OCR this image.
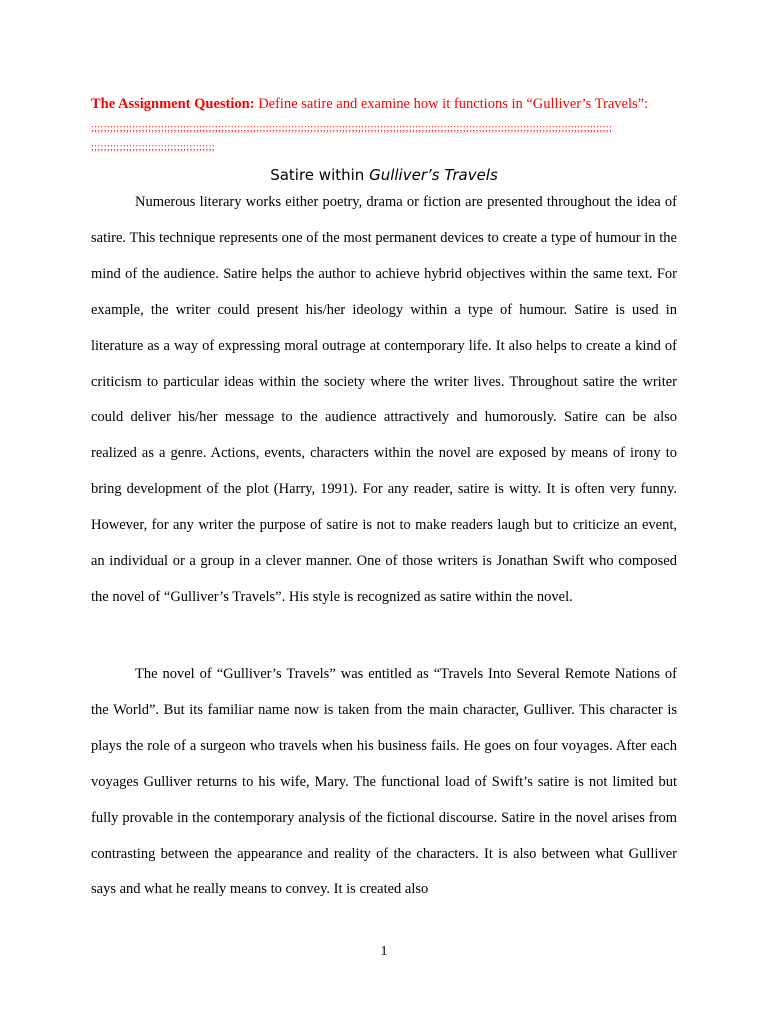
The Assignment Question: Define satire and examine how it functions in “Gulliver’s Travels”:
;;;;;;;;;;;;;;;;;;;;;;;;;;;;;;;;;;;;;;;;;;;;;;;;;;;;;;;;;;;;;;;;;;;;;;;;;;;;;;;;;;;;;;;;;;;;;;;;;;;;;;;;;;;;;;;;;;;;;;;;;;;;;;;;;;;;;;;;;;;;;;;;;;;;;;;;;;;;;;;;;;;;
;;;;;;;;;;;;;;;;;;;;;;;;;;;;;;;;;;;;;;;
Satire within Gulliver’s Travels

Numerous literary works either poetry, drama or fiction are presented throughout the idea of satire. This technique represents one of the most permanent devices to create a type of humour in the mind of the audience. Satire helps the author to achieve hybrid objectives within the same text. For example, the writer could present his/her ideology within a type of humour. Satire is used in literature as a way of expressing moral outrage at contemporary life. It also helps to create a kind of criticism to particular ideas within the society where the writer lives. Throughout satire the writer could deliver his/her message to the audience attractively and humorously. Satire can be also realized as a genre. Actions, events, characters within the novel are exposed by means of irony to bring development of the plot (Harry, 1991). For any reader, satire is witty. It is often very funny. However, for any writer the purpose of satire is not to make readers laugh but to criticize an event, an individual or a group in a clever manner. One of those writers is Jonathan Swift who composed the novel of “Gulliver’s Travels”. His style is recognized as satire within the novel.

The novel of “Gulliver’s Travels” was entitled as “Travels Into Several Remote Nations of the World”. But its familiar name now is taken from the main character, Gulliver. This character is plays the role of a surgeon who travels when his business fails. He goes on four voyages. After each voyages Gulliver returns to his wife, Mary. The functional load of Swift’s satire is not limited but fully provable in the contemporary analysis of the fictional discourse. Satire in the novel arises from contrasting between the appearance and reality of the characters. It is also between what Gulliver says and what he really means to convey. It is created also

1
